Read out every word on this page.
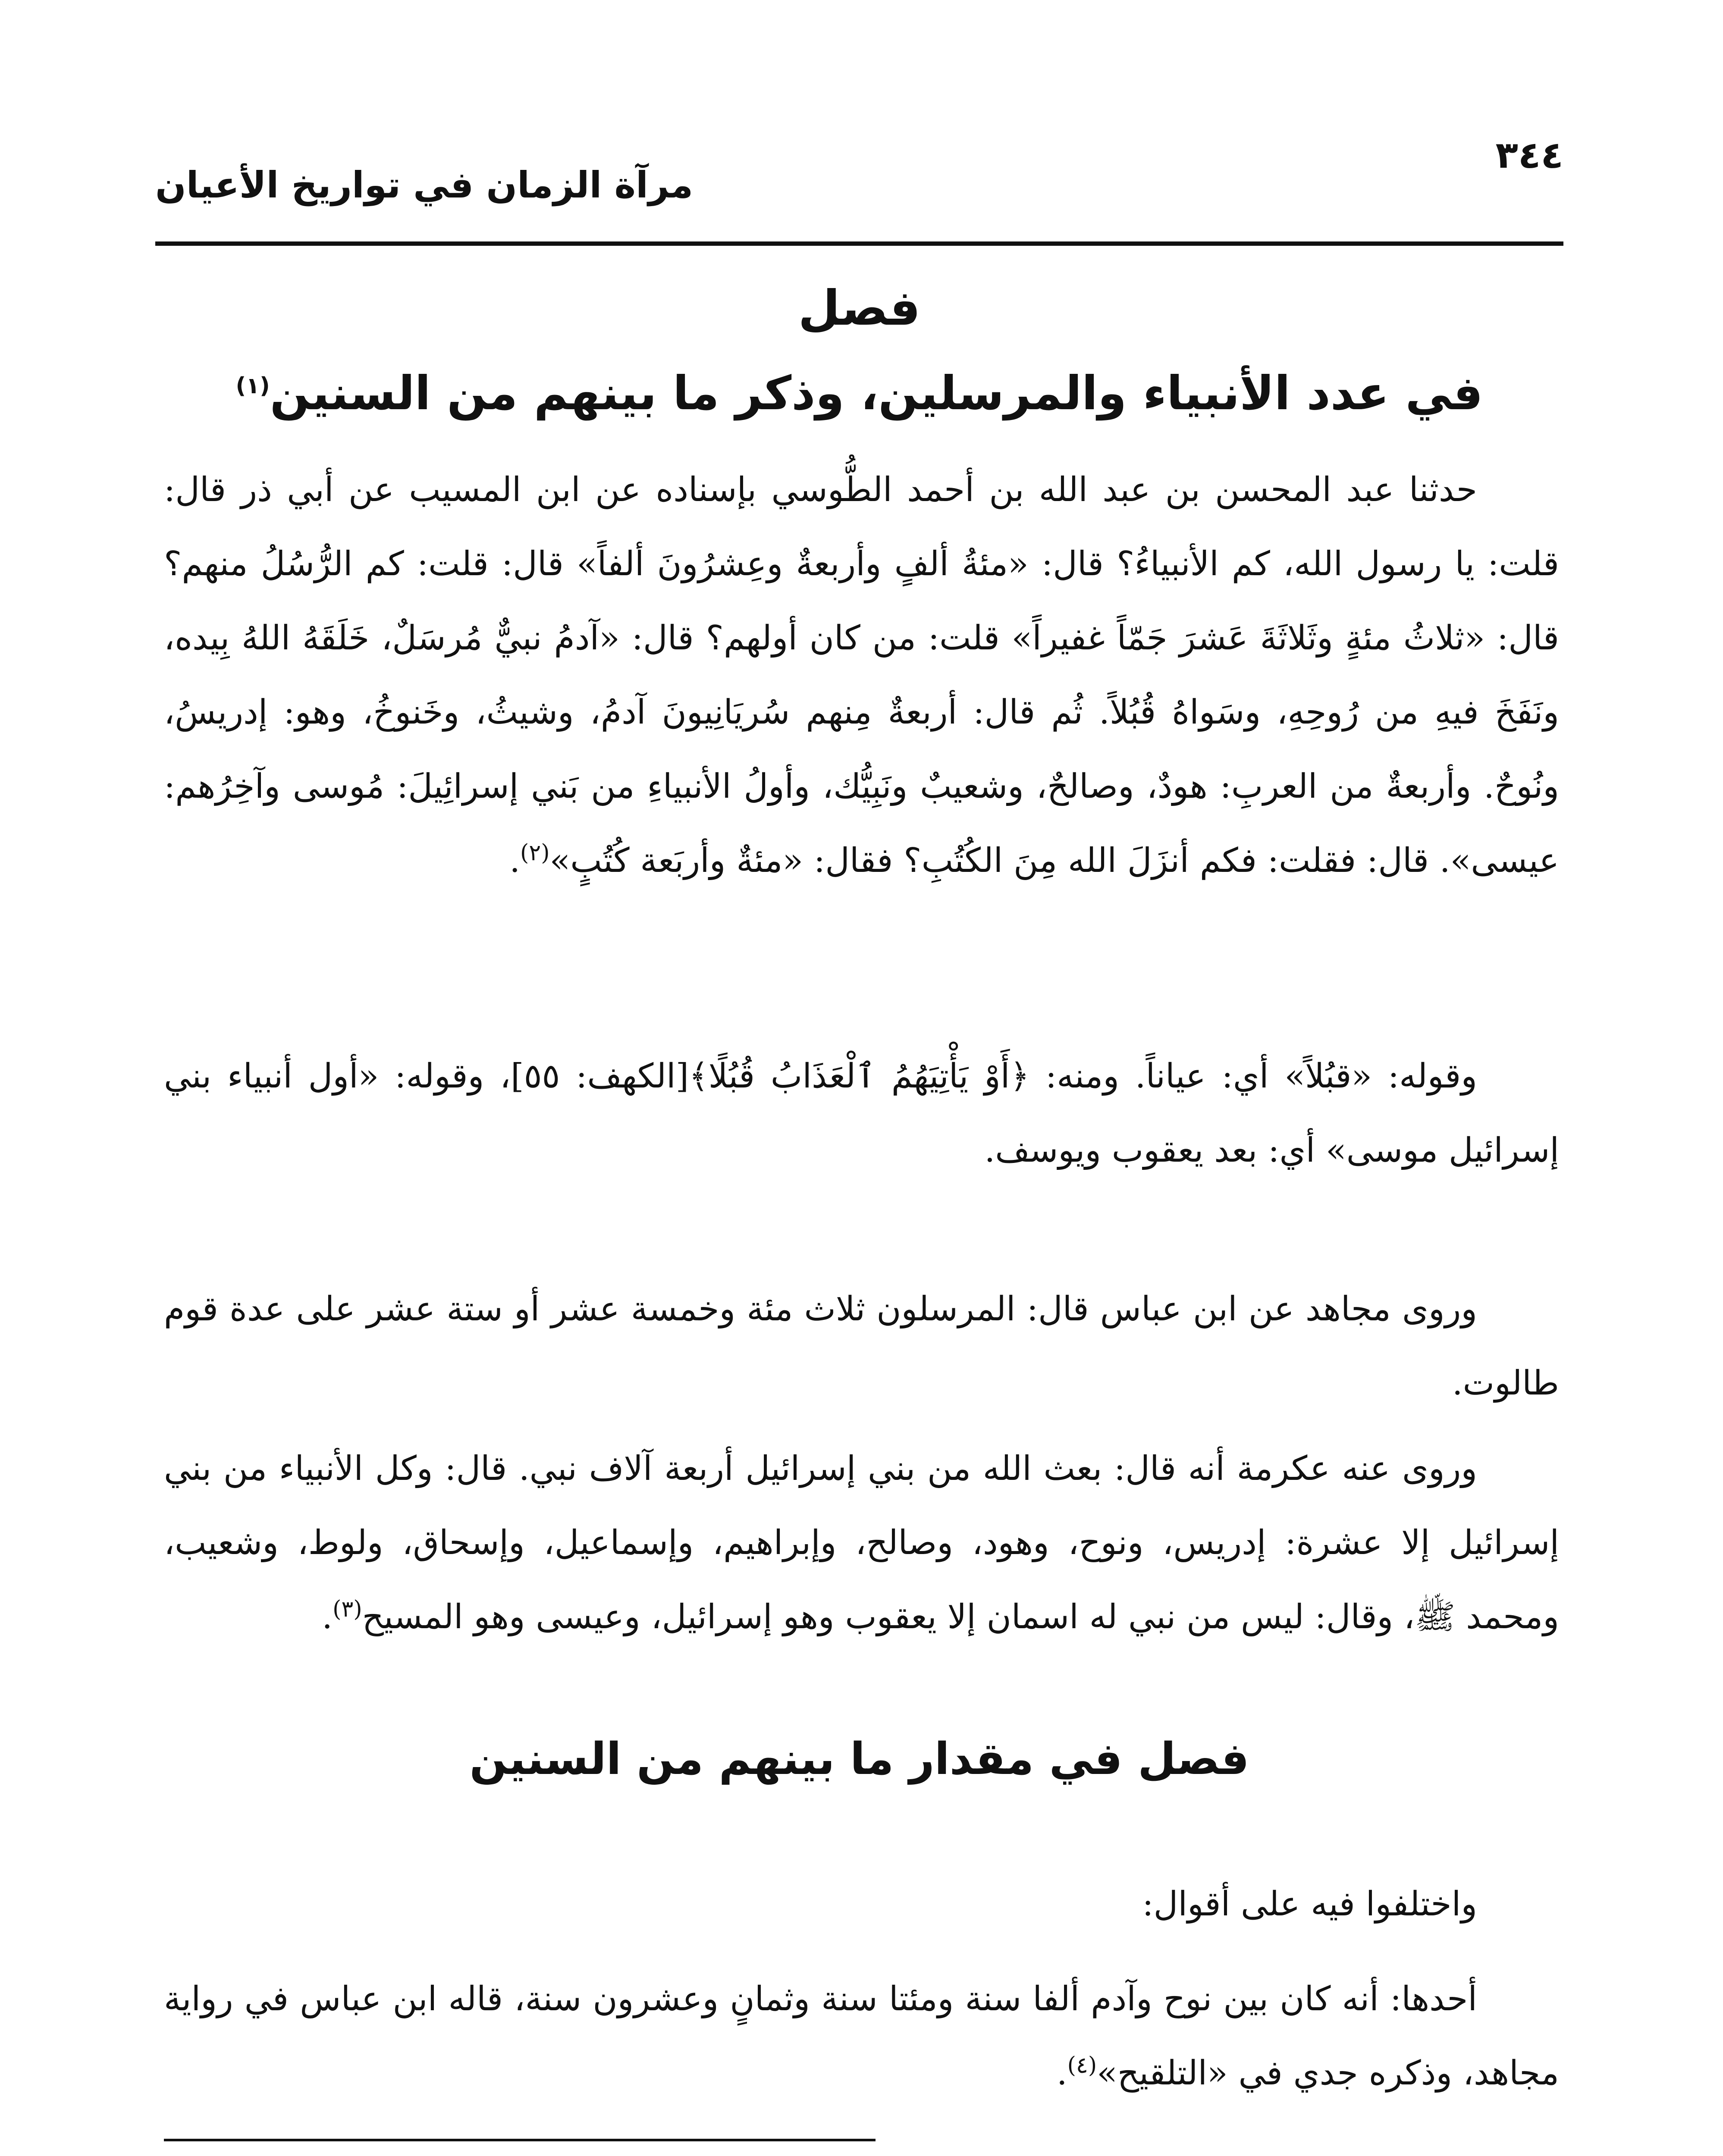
٣٤٤
مرآة الزمان في تواريخ الأعيان
فصل
في عدد الأنبياء والمرسلين، وذكر ما بينهم من السنين$^{(١)}$

حدثنا عبد المحسن بن عبد الله بن أحمد الطُّوسي بإسناده عن ابن المسيب عن أبي ذر قال: قلت: يا رسول الله، كم الأنبياءُ؟ قال: «مئةُ ألفٍ وأربعةٌ وعِشرُونَ ألفاً» قال: قلت: كم الرُّسُلُ منهم؟ قال: «ثلاثُ مئةٍ وثَلاثَةَ عَشرَ جَمّاً غفيراً» قلت: من كان أولهم؟ قال: «آدمُ نبيٌّ مُرسَلٌ، خَلَقَهُ اللهُ بِيده، ونَفَخَ فيهِ من رُوحِهِ، وسَواهُ قُبُلاً. ثُم قال: أربعةٌ مِنهم سُريَانِيونَ آدمُ، وشيثُ، وخَنوخُ، وهو: إدريسُ، ونُوحٌ. وأربعةٌ من العربِ: هودٌ، وصالحٌ، وشعيبٌ ونَبِيُّك، وأولُ الأنبياءِ من بَني إسرائِيلَ: مُوسى وآخِرُهم: عيسى». قال: فقلت: فكم أنزَلَ الله مِنَ الكُتُبِ؟ فقال: «مئةٌ وأربَعة كُتُبٍ»$^{(٢)}$.

وقوله: «قبُلاً» أي: عياناً. ومنه: ﴿أَوْ يَأْتِيَهُمُ ٱلْعَذَابُ قُبُلًا﴾[الكهف: ٥٥]، وقوله: «أول أنبياء بني إسرائيل موسى» أي: بعد يعقوب ويوسف.

وروى مجاهد عن ابن عباس قال: المرسلون ثلاث مئة وخمسة عشر أو ستة عشر على عدة قوم طالوت.

وروى عنه عكرمة أنه قال: بعث الله من بني إسرائيل أربعة آلاف نبي. قال: وكل الأنبياء من بني إسرائيل إلا عشرة: إدريس، ونوح، وهود، وصالح، وإبراهيم، وإسماعيل، وإسحاق، ولوط، وشعيب، ومحمد ﷺ، وقال: ليس من نبي له اسمان إلا يعقوب وهو إسرائيل، وعيسى وهو المسيح$^{(٣)}$.

فصل في مقدار ما بينهم من السنين

واختلفوا فيه على أقوال:

أحدها: أنه كان بين نوح وآدم ألفا سنة ومئتا سنة وثمانٍ وعشرون سنة، قاله ابن عباس في رواية مجاهد، وذكره جدي في «التلقيح»$^{(٤)}$.
